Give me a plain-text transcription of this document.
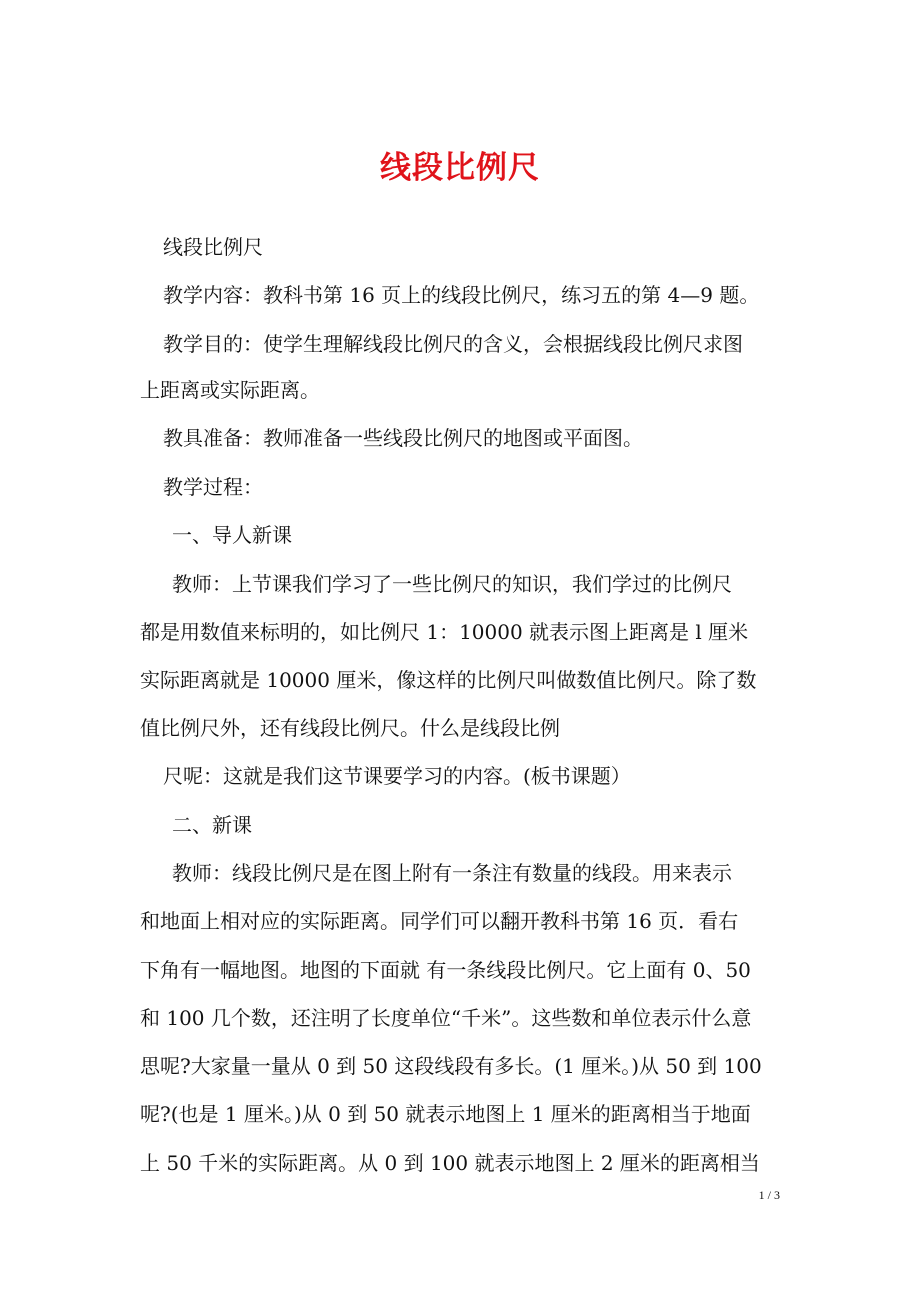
线段比例尺
线段比例尺
教学内容：教科书第 16 页上的线段比例尺，练习五的第 4—9 题。
教学目的：使学生理解线段比例尺的含义，会根据线段比例尺求图
上距离或实际距离。
教具准备：教师准备一些线段比例尺的地图或平面图。
教学过程：
一、导人新课
教师：上节课我们学习了一些比例尺的知识，我们学过的比例尺
都是用数值来标明的，如比例尺 1：10000 就表示图上距离是 l 厘米
实际距离就是 10000 厘米，像这样的比例尺叫做数值比例尺。除了数
值比例尺外，还有线段比例尺。什么是线段比例
尺呢：这就是我们这节课要学习的内容。(板书课题）
二、新课
教师：线段比例尺是在图上附有一条注有数量的线段。用来表示
和地面上相对应的实际距离。同学们可以翻开教科书第 16 页．看右
下角有一幅地图。地图的下面就 有一条线段比例尺。它上面有 0、50
和 100 几个数，还注明了长度单位“千米”。这些数和单位表示什么意
思呢?大家量一量从 0 到 50 这段线段有多长。(1 厘米。)从 50 到 100
呢?(也是 1 厘米。)从 0 到 50 就表示地图上 1 厘米的距离相当于地面
上 50 千米的实际距离。从 0 到 100 就表示地图上 2 厘米的距离相当
1 / 3
